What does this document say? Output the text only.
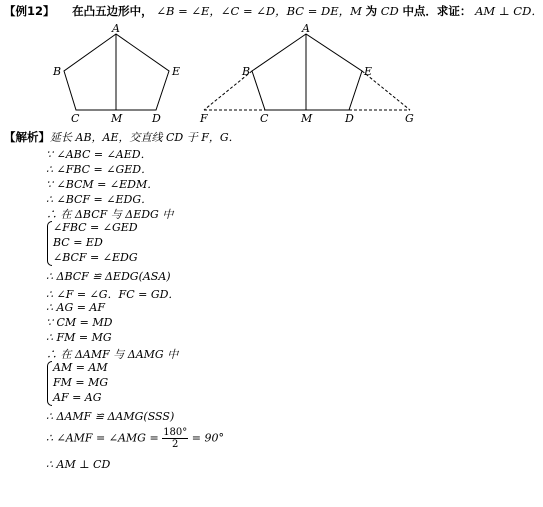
【例12】 在凸五边形中， ∠B = ∠E，∠C = ∠D，BC = DE，M 为 CD 中点．求证： AM ⊥ CD．
A
B	E
C	M	D
A
B	E
F	C	M	D	G
【解析】延长 AB，AE，交直线 CD 于 F，G．
∵ ∠ABC = ∠AED．
∴ ∠FBC = ∠GED．
∵ ∠BCM = ∠EDM．
∴ ∠BCF = ∠EDG．
∴ 在 ΔBCF 与 ΔEDG 中
∠FBC = ∠GED
BC = ED
∠BCF = ∠EDG
∴ ΔBCF ≌ ΔEDG(ASA)
∴ ∠F = ∠G．FC = GD．
∴ AG = AF
∵ CM = MD
∴ FM = MG
∴ 在 ΔAMF 与 ΔAMG 中
AM = AM
FM = MG
AF = AG
∴ ΔAMF ≌ ΔAMG(SSS)
∴ ∠AMF = ∠AMG = $\frac{180^\circ}{2} = 90^\circ$
∴ AM ⊥ CD
